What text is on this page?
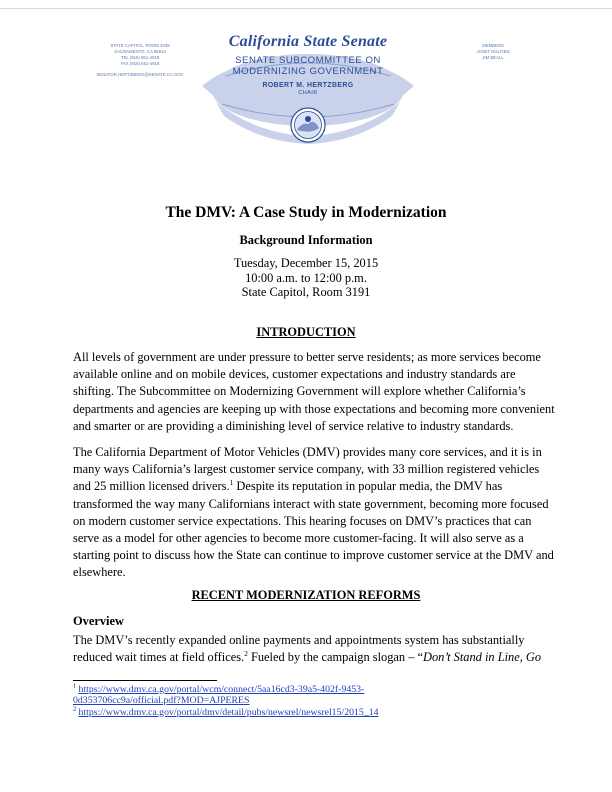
STATE CAPITOL, ROOM 4038
SACRAMENTO, CA 95814
TEL (916) 651-4018
FAX (916) 651-4918
SENATOR.HERTZBERG@SENATE.CA.GOV
California State Senate
SENATE SUBCOMMITTEE ON
MODERNIZING GOVERNMENT
ROBERT M. HERTZBERG
CHAIR
MEMBERS
JANET NGUYEN
JIM BEALL
The DMV: A Case Study in Modernization
Background Information
Tuesday, December 15, 2015
10:00 a.m. to 12:00 p.m.
State Capitol, Room 3191
INTRODUCTION
All levels of government are under pressure to better serve residents; as more services become
available online and on mobile devices, customer expectations and industry standards are
shifting. The Subcommittee on Modernizing Government will explore whether California’s
departments and agencies are keeping up with those expectations and becoming more convenient
and smarter or are providing a diminishing level of service relative to industry standards.
The California Department of Motor Vehicles (DMV) provides many core services, and it is in
many ways California’s largest customer service company, with 33 million registered vehicles
and 25 million licensed drivers.$^1$ Despite its reputation in popular media, the DMV has
transformed the way many Californians interact with state government, becoming more focused
on modern customer service expectations. This hearing focuses on DMV’s practices that can
serve as a model for other agencies to become more customer-facing. It will also serve as a
starting point to discuss how the State can continue to improve customer service at the DMV and
elsewhere.
RECENT MODERNIZATION REFORMS
Overview
The DMV’s recently expanded online payments and appointments system has substantially
reduced wait times at field offices.$^2$ Fueled by the campaign slogan – “Don’t Stand in Line, Go
$^1$ https://www.dmv.ca.gov/portal/wcm/connect/5aa16cd3-39a5-402f-9453-
0d353706cc9a/official.pdf?MOD=AJPERES
$^2$ https://www.dmv.ca.gov/portal/dmv/detail/pubs/newsrel/newsrel15/2015_14
